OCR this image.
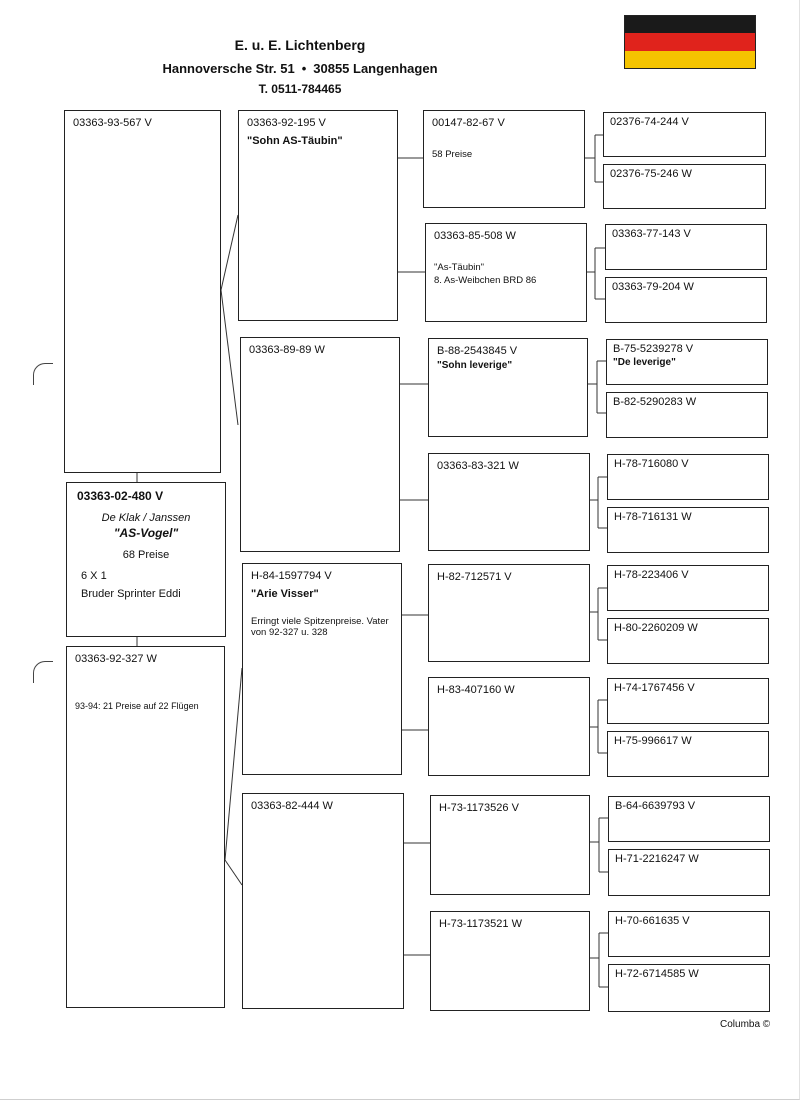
E. u. E. Lichtenberg
Hannoversche Str. 51 • 30855 Langenhagen
T. 0511-784465
03363-93-567 V
03363-02-480 V
De Klak / Janssen
"AS-Vogel"
68 Preise
6 X 1
Bruder Sprinter Eddi
03363-92-327 W
93-94: 21 Preise auf 22 Flügen
03363-92-195 V
"Sohn AS-Täubin"
03363-89-89 W
H-84-1597794 V
"Arie Visser"
Erringt viele Spitzenpreise. Vater von 92-327 u. 328
03363-82-444 W
00147-82-67 V
58 Preise
03363-85-508 W
"As-Täubin"
8. As-Weibchen BRD 86
B-88-2543845 V
"Sohn leverige"
03363-83-321 W
H-82-712571 V
H-83-407160 W
H-73-1173526 V
H-73-1173521 W
02376-74-244 V
02376-75-246 W
03363-77-143 V
03363-79-204 W
B-75-5239278 V
"De leverige"
B-82-5290283 W
H-78-716080 V
H-78-716131 W
H-78-223406 V
H-80-2260209 W
H-74-1767456 V
H-75-996617 W
B-64-6639793 V
H-71-2216247 W
H-70-661635 V
H-72-6714585 W
Columba ©
